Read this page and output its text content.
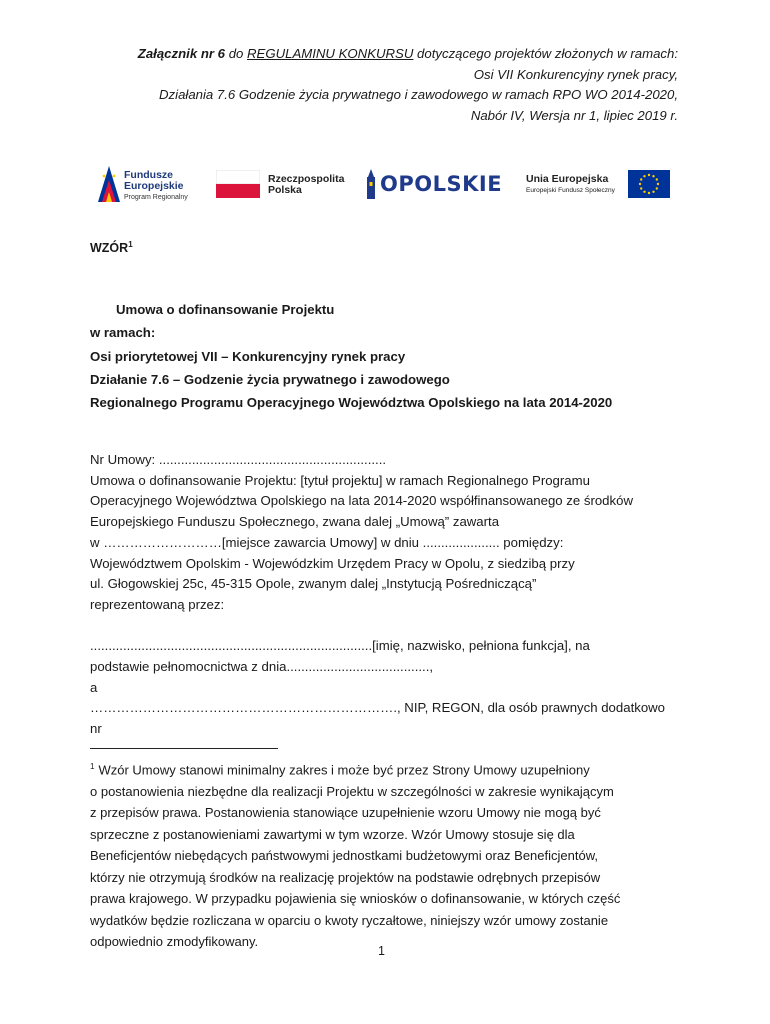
Załącznik nr 6 do REGULAMINU KONKURSU dotyczącego projektów złożonych w ramach:
Osi VII Konkurencyjny rynek pracy,
Działania 7.6 Godzenie życia prywatnego i zawodowego w ramach RPO WO 2014-2020,
Nabór IV, Wersja nr 1, lipiec 2019 r.
Fundusze
Europejskie
Program Regionalny
Rzeczpospolita
Polska	OPOLSKIE Unia Europejska
Europejski Fundusz Społeczny
WZÓR$^1$
Umowa o dofinansowanie Projektu
w ramach:
Osi priorytetowej VII – Konkurencyjny rynek pracy
Działanie 7.6 – Godzenie życia prywatnego i zawodowego
Regionalnego Programu Operacyjnego Województwa Opolskiego na lata 2014-2020

Nr Umowy: ..............................................................

Umowa o dofinansowanie Projektu: [tytuł projektu] w ramach Regionalnego Programu

Operacyjnego Województwa Opolskiego na lata 2014-2020 współfinansowanego ze środków

Europejskiego Funduszu Społecznego, zwana dalej „Umową” zawarta

w ………………………[miejsce zawarcia Umowy] w dniu ..................... pomiędzy:

Województwem Opolskim - Wojewódzkim Urzędem Pracy w Opolu, z siedzibą przy

ul. Głogowskiej 25c, 45-315 Opole, zwanym dalej „Instytucją Pośredniczącą”

reprezentowaną przez:

.............................................................................[imię, nazwisko, pełniona funkcja], na

podstawie pełnomocnictwa z dnia.......................................,

a

……………………………………………………………., NIP, REGON, dla osób prawnych dodatkowo nr

$^1$ Wzór Umowy stanowi minimalny zakres i może być przez Strony Umowy uzupełniony
o postanowienia niezbędne dla realizacji Projektu w szczególności w zakresie wynikającym
z przepisów prawa. Postanowienia stanowiące uzupełnienie wzoru Umowy nie mogą być
sprzeczne z postanowieniami zawartymi w tym wzorze. Wzór Umowy stosuje się dla
Beneficjentów niebędących państwowymi jednostkami budżetowymi oraz Beneficjentów,
którzy nie otrzymują środków na realizację projektów na podstawie odrębnych przepisów
prawa krajowego. W przypadku pojawienia się wniosków o dofinansowanie, w których część
wydatków będzie rozliczana w oparciu o kwoty ryczałtowe, niniejszy wzór umowy zostanie
odpowiednio zmodyfikowany.
1
